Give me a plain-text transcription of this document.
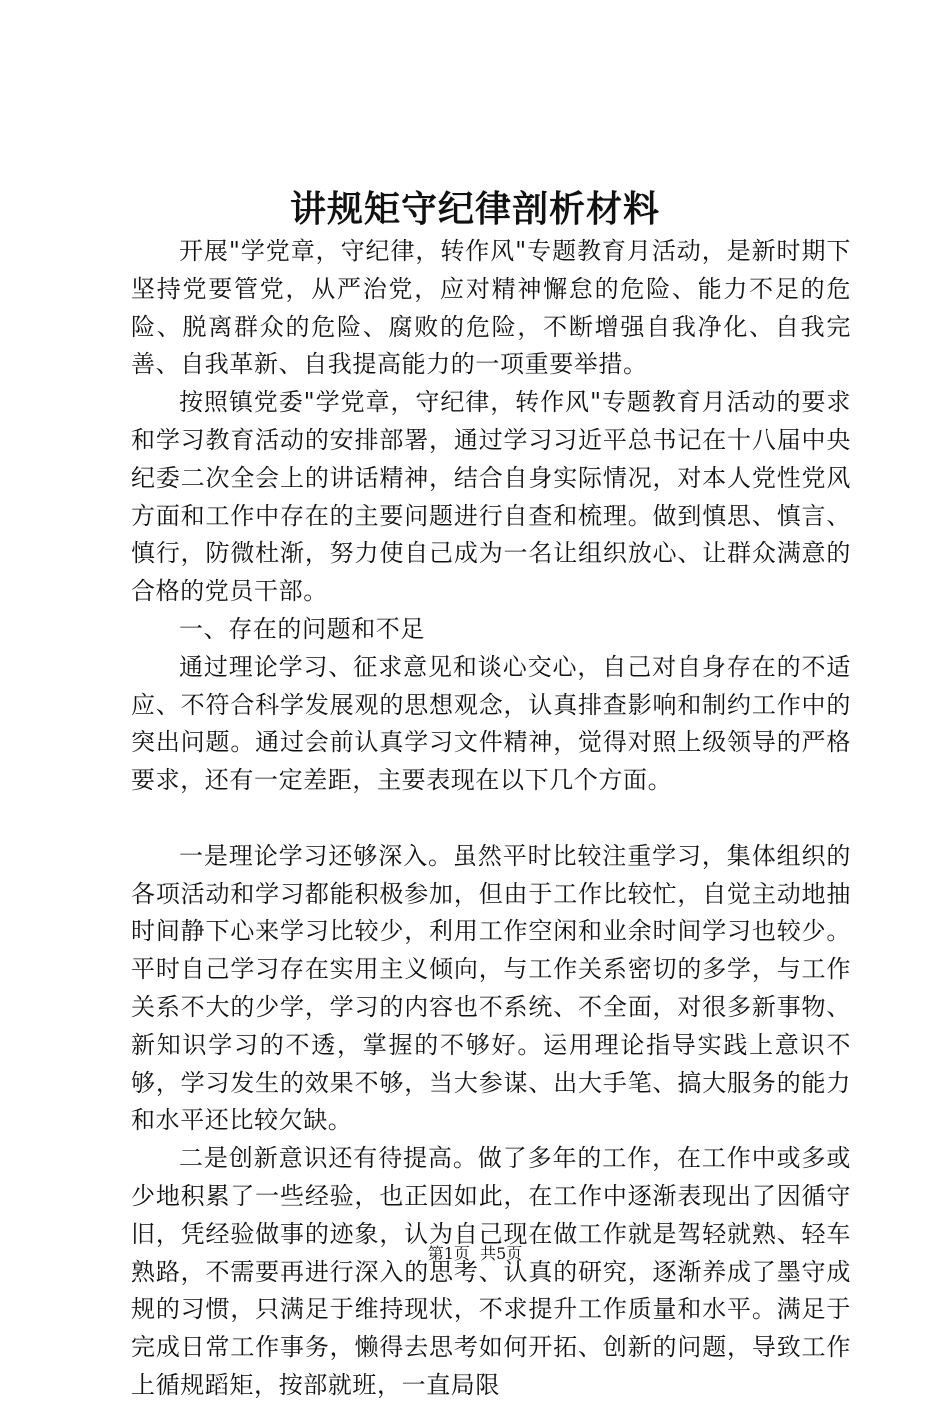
讲规矩守纪律剖析材料

开展"学党章，守纪律，转作风"专题教育月活动，是新时期下坚持党要管党，从严治党，应对精神懈怠的危险、能力不足的危险、脱离群众的危险、腐败的危险，不断增强自我净化、自我完善、自我革新、自我提高能力的一项重要举措。

按照镇党委"学党章，守纪律，转作风"专题教育月活动的要求和学习教育活动的安排部署，通过学习习近平总书记在十八届中央纪委二次全会上的讲话精神，结合自身实际情况，对本人党性党风方面和工作中存在的主要问题进行自查和梳理。做到慎思、慎言、慎行，防微杜渐，努力使自己成为一名让组织放心、让群众满意的合格的党员干部。

一、存在的问题和不足

通过理论学习、征求意见和谈心交心，自己对自身存在的不适应、不符合科学发展观的思想观念，认真排查影响和制约工作中的突出问题。通过会前认真学习文件精神，觉得对照上级领导的严格要求，还有一定差距，主要表现在以下几个方面。

一是理论学习还够深入。虽然平时比较注重学习，集体组织的各项活动和学习都能积极参加，但由于工作比较忙，自觉主动地抽时间静下心来学习比较少，利用工作空闲和业余时间学习也较少。平时自己学习存在实用主义倾向，与工作关系密切的多学，与工作关系不大的少学，学习的内容也不系统、不全面，对很多新事物、新知识学习的不透，掌握的不够好。运用理论指导实践上意识不够，学习发生的效果不够，当大参谋、出大手笔、搞大服务的能力和水平还比较欠缺。

二是创新意识还有待提高。做了多年的工作，在工作中或多或少地积累了一些经验，也正因如此，在工作中逐渐表现出了因循守旧，凭经验做事的迹象，认为自己现在做工作就是驾轻就熟、轻车熟路，不需要再进行深入的思考、认真的研究，逐渐养成了墨守成规的习惯，只满足于维持现状，不求提升工作质量和水平。满足于完成日常工作事务，懒得去思考如何开拓、创新的问题，导致工作上循规蹈矩，按部就班，一直局限

第1页  共5页
